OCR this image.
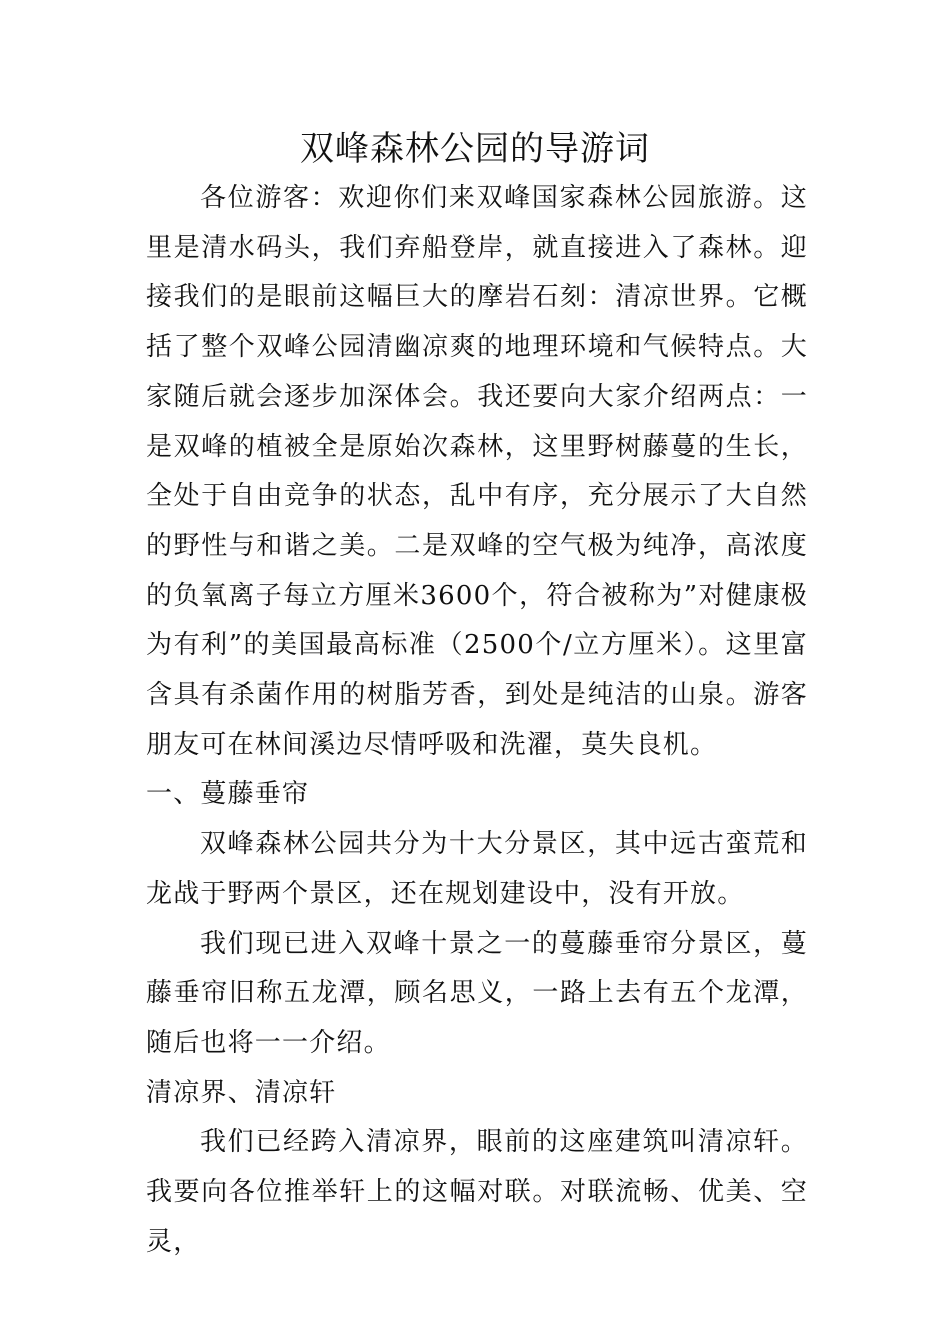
双峰森林公园的导游词

各位游客：欢迎你们来双峰国家森林公园旅游。这里是清水码头，我们弃船登岸，就直接进入了森林。迎接我们的是眼前这幅巨大的摩岩石刻：清凉世界。它概括了整个双峰公园清幽凉爽的地理环境和气候特点。大家随后就会逐步加深体会。我还要向大家介绍两点：一是双峰的植被全是原始次森林，这里野树藤蔓的生长，全处于自由竞争的状态，乱中有序，充分展示了大自然的野性与和谐之美。二是双峰的空气极为纯净，高浓度的负氧离子每立方厘米3600个，符合被称为”对健康极为有利”的美国最高标准（2500个/立方厘米）。这里富含具有杀菌作用的树脂芳香，到处是纯洁的山泉。游客朋友可在林间溪边尽情呼吸和洗濯，莫失良机。

一、蔓藤垂帘

双峰森林公园共分为十大分景区，其中远古蛮荒和龙战于野两个景区，还在规划建设中，没有开放。

我们现已进入双峰十景之一的蔓藤垂帘分景区，蔓藤垂帘旧称五龙潭，顾名思义，一路上去有五个龙潭，随后也将一一介绍。

清凉界、清凉轩

我们已经跨入清凉界，眼前的这座建筑叫清凉轩。我要向各位推举轩上的这幅对联。对联流畅、优美、空灵，
